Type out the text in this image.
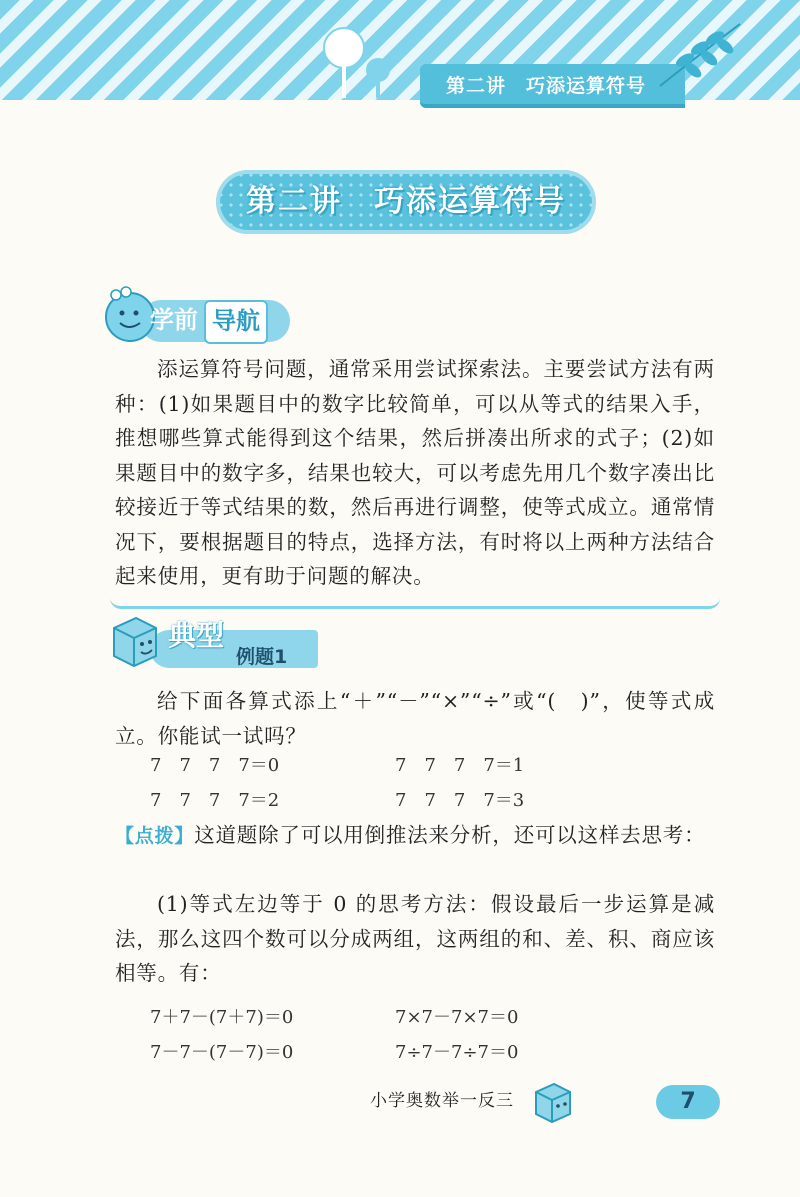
第二讲　巧添运算符号
第二讲　巧添运算符号
学前 导航
添运算符号问题，通常采用尝试探索法。主要尝试方法有两种：(1)如果题目中的数字比较简单，可以从等式的结果入手，推想哪些算式能得到这个结果，然后拼凑出所求的式子；(2)如果题目中的数字多，结果也较大，可以考虑先用几个数字凑出比较接近于等式结果的数，然后再进行调整，使等式成立。通常情况下，要根据题目的特点，选择方法，有时将以上两种方法结合起来使用，更有助于问题的解决。
典型
例题1
给下面各算式添上“＋”“－”“×”“÷”或“(　)”，使等式成立。你能试一试吗？
7　7　7　7＝0	7　7　7　7＝1
7　7　7　7＝2	7　7　7　7＝3
【点拨】这道题除了可以用倒推法来分析，还可以这样去思考：
(1)等式左边等于 0 的思考方法：假设最后一步运算是减法，那么这四个数可以分成两组，这两组的和、差、积、商应该相等。有：
7＋7－(7＋7)＝0	7×7－7×7＝0
7－7－(7－7)＝0	7÷7－7÷7＝0
小学奥数举一反三	7
